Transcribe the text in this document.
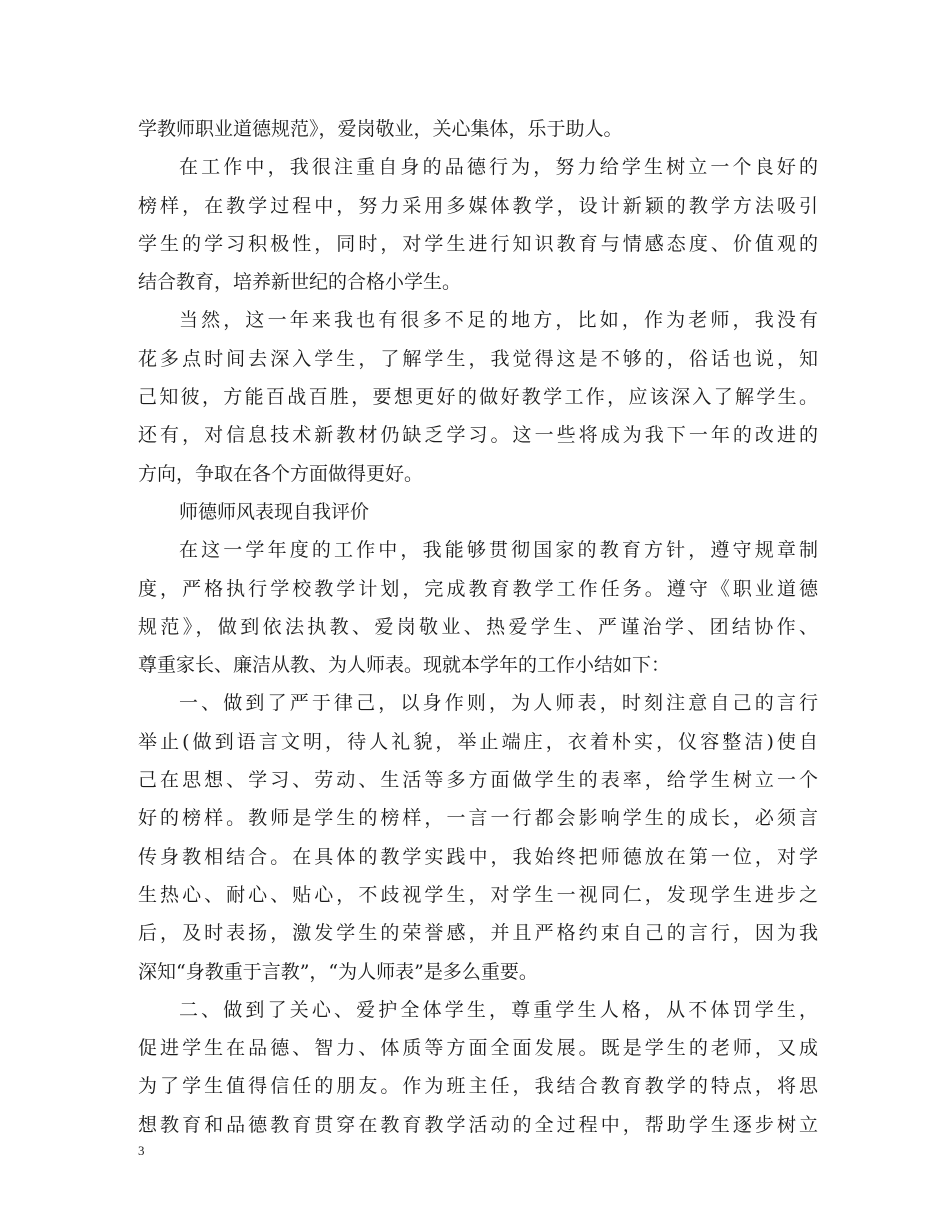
学教师职业道德规范》，爱岗敬业，关心集体，乐于助人。
在工作中，我很注重自身的品德行为，努力给学生树立一个良好的
榜样，在教学过程中，努力采用多媒体教学，设计新颖的教学方法吸引
学生的学习积极性，同时，对学生进行知识教育与情感态度、价值观的
结合教育，培养新世纪的合格小学生。
当然，这一年来我也有很多不足的地方，比如，作为老师，我没有
花多点时间去深入学生，了解学生，我觉得这是不够的，俗话也说，知
己知彼，方能百战百胜，要想更好的做好教学工作，应该深入了解学生。
还有，对信息技术新教材仍缺乏学习。这一些将成为我下一年的改进的
方向，争取在各个方面做得更好。
师德师风表现自我评价
在这一学年度的工作中，我能够贯彻国家的教育方针，遵守规章制
度，严格执行学校教学计划，完成教育教学工作任务。遵守《职业道德
规范》，做到依法执教、爱岗敬业、热爱学生、严谨治学、团结协作、
尊重家长、廉洁从教、为人师表。现就本学年的工作小结如下：
一、做到了严于律己，以身作则，为人师表，时刻注意自己的言行
举止(做到语言文明，待人礼貌，举止端庄，衣着朴实，仪容整洁)使自
己在思想、学习、劳动、生活等多方面做学生的表率，给学生树立一个
好的榜样。教师是学生的榜样，一言一行都会影响学生的成长，必须言
传身教相结合。在具体的教学实践中，我始终把师德放在第一位，对学
生热心、耐心、贴心，不歧视学生，对学生一视同仁，发现学生进步之
后，及时表扬，激发学生的荣誉感，并且严格约束自己的言行，因为我
深知“身教重于言教”，“为人师表”是多么重要。
二、做到了关心、爱护全体学生，尊重学生人格，从不体罚学生，
促进学生在品德、智力、体质等方面全面发展。既是学生的老师，又成
为了学生值得信任的朋友。作为班主任，我结合教育教学的特点，将思
想教育和品德教育贯穿在教育教学活动的全过程中，帮助学生逐步树立
3
